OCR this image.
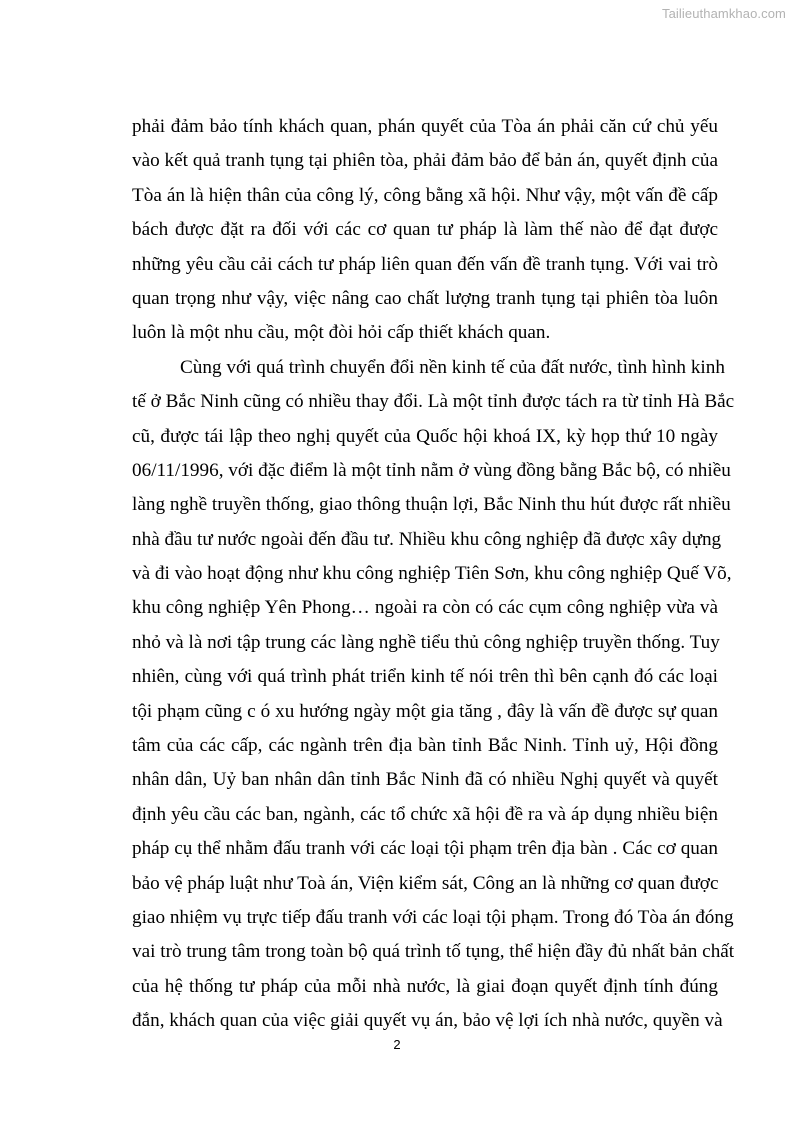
Tailieuthamkhao.com
phải đảm bảo tính khách quan, phán quyết của Tòa án phải căn cứ chủ yếu
vào kết quả tranh tụng tại phiên tòa, phải đảm bảo để bản án, quyết định của
Tòa án là hiện thân của công lý, công bằng xã hội. Như vậy, một vấn đề cấp
bách được đặt ra đối với các cơ quan tư pháp là làm thế nào để đạt được
những yêu cầu cải cách tư pháp liên quan đến vấn đề tranh tụng. Với vai trò
quan trọng như vậy, việc nâng cao chất lượng tranh tụng tại phiên tòa luôn
luôn là một nhu cầu, một đòi hỏi cấp thiết khách quan.
Cùng với quá trình chuyển đổi nền kinh tế của đất nước, tình hình kinh
tế ở Bắc Ninh cũng có nhiều thay đổi. Là một tỉnh được tách ra từ tỉnh Hà Bắc
cũ, được tái lập theo nghị quyết của Quốc hội khoá IX, kỳ họp thứ 10 ngày
06/11/1996, với đặc điểm là một tỉnh nằm ở vùng đồng bằng Bắc bộ, có nhiều
làng nghề truyền thống, giao thông thuận lợi, Bắc Ninh thu hút được rất nhiều
nhà đầu tư nước ngoài đến đầu tư. Nhiều khu công nghiệp đã được xây dựng
và đi vào hoạt động như khu công nghiệp Tiên Sơn, khu công nghiệp Quế Võ,
khu công nghiệp Yên Phong… ngoài ra còn có các cụm công nghiệp vừa và
nhỏ và là nơi tập trung các làng nghề tiểu thủ công nghiệp truyền thống. Tuy
nhiên, cùng với quá trình phát triển kinh tế nói trên thì bên cạnh đó các loại
tội phạm cũng c ó xu hướng ngày một gia tăng , đây là vấn đề được sự quan
tâm của các cấp, các ngành trên địa bàn tỉnh Bắc Ninh. Tỉnh uỷ, Hội đồng
nhân dân, Uỷ ban nhân dân tỉnh Bắc Ninh đã có nhiều Nghị quyết và quyết
định yêu cầu các ban, ngành, các tổ chức xã hội đề ra và áp dụng nhiều biện
pháp cụ thể nhằm đấu tranh với các loại tội phạm trên địa bàn . Các cơ quan
bảo vệ pháp luật như Toà án, Viện kiểm sát, Công an là những cơ quan được
giao nhiệm vụ trực tiếp đấu tranh với các loại tội phạm. Trong đó Tòa án đóng
vai trò trung tâm trong toàn bộ quá trình tố tụng, thể hiện đầy đủ nhất bản chất
của hệ thống tư pháp của mỗi nhà nước, là giai đoạn quyết định tính đúng
đắn, khách quan của việc giải quyết vụ án, bảo vệ lợi ích nhà nước, quyền và
2
